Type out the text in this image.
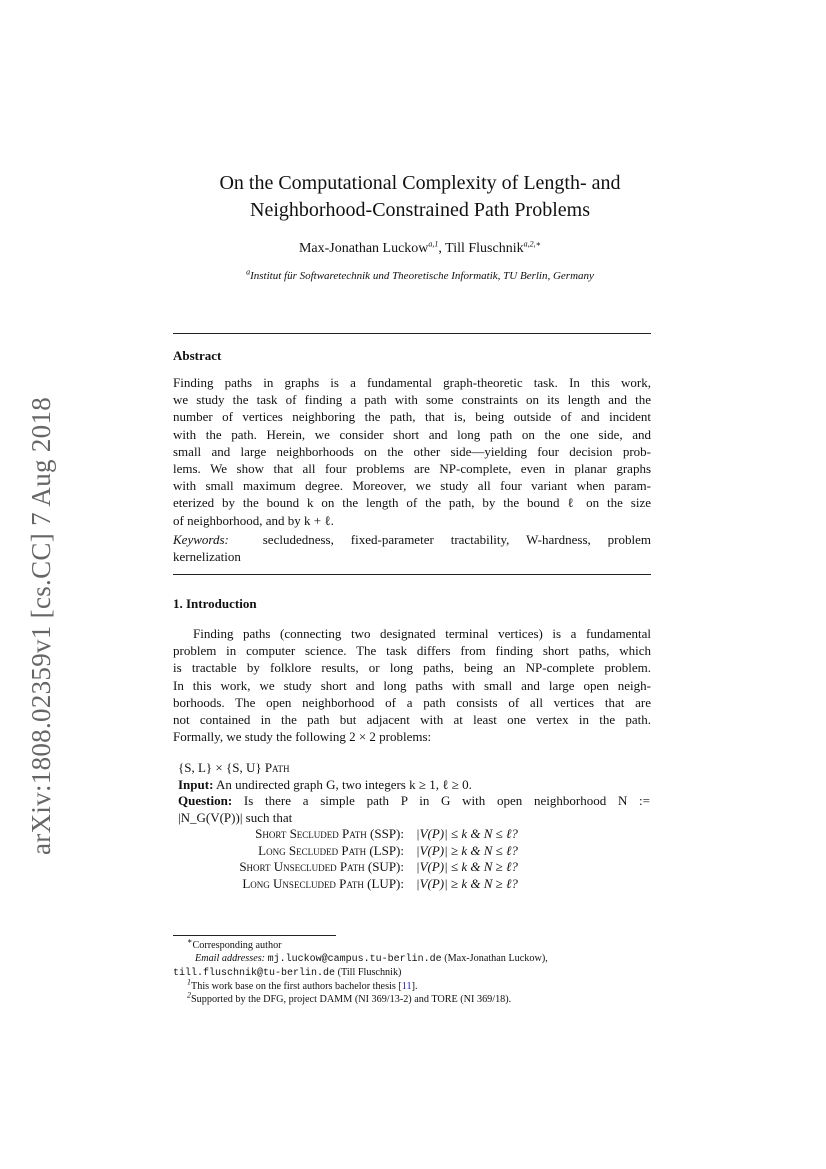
arXiv:1808.02359v1 [cs.CC] 7 Aug 2018
On the Computational Complexity of Length- and
Neighborhood-Constrained Path Problems
Max-Jonathan Luckow$^{a,1}$, Till Fluschnik$^{a,2,∗}$
$^a$Institut für Softwaretechnik und Theoretische Informatik, TU Berlin, Germany
Abstract
Finding paths in graphs is a fundamental graph-theoretic task. In this work,
we study the task of finding a path with some constraints on its length and the
number of vertices neighboring the path, that is, being outside of and incident
with the path. Herein, we consider short and long path on the one side, and
small and large neighborhoods on the other side—yielding four decision prob-
lems. We show that all four problems are NP-complete, even in planar graphs
with small maximum degree. Moreover, we study all four variant when param-
eterized by the bound k on the length of the path, by the bound ℓ on the size
of neighborhood, and by k + ℓ.
Keywords:	secludedness, fixed-parameter tractability, W-hardness, problem
kernelization
1. Introduction
Finding paths (connecting two designated terminal vertices) is a fundamental
problem in computer science. The task differs from finding short paths, which
is tractable by folklore results, or long paths, being an NP-complete problem.
In this work, we study short and long paths with small and large open neigh-
borhoods. The open neighborhood of a path consists of all vertices that are
not contained in the path but adjacent with at least one vertex in the path.
Formally, we study the following 2 × 2 problems:
{S, L} × {S, U} Path
Input: An undirected graph G, two integers k ≥ 1, ℓ ≥ 0.
Question: Is there a simple path P in G with open neighborhood N :=
|N_G(V(P))| such that
Short Secluded Path (SSP): |V(P)| ≤ k & N ≤ ℓ?
Long Secluded Path (LSP): |V(P)| ≥ k & N ≤ ℓ?
Short Unsecluded Path (SUP): |V(P)| ≤ k & N ≥ ℓ?
Long Unsecluded Path (LUP): |V(P)| ≥ k & N ≥ ℓ?
∗Corresponding author
Email addresses: mj.luckow@campus.tu-berlin.de (Max-Jonathan Luckow),
till.fluschnik@tu-berlin.de (Till Fluschnik)
$^1$This work base on the first authors bachelor thesis [11].
$^2$Supported by the DFG, project DAMM (NI 369/13-2) and TORE (NI 369/18).
